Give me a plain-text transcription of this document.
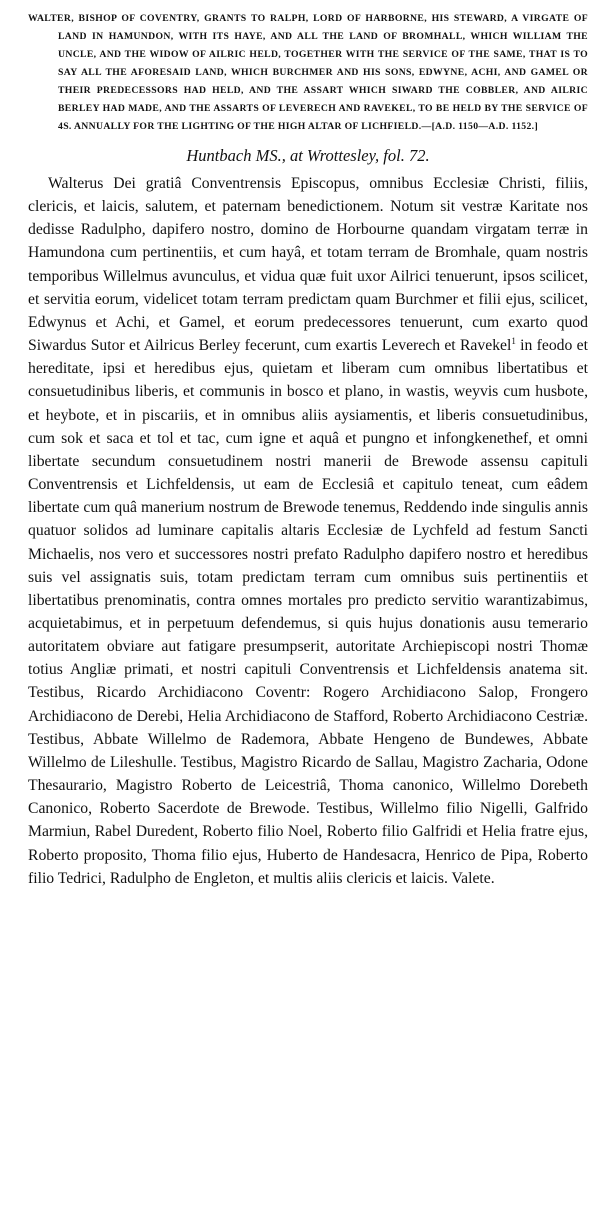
WALTER, BISHOP OF COVENTRY, GRANTS TO RALPH, LORD OF HARBORNE, HIS STEWARD, A VIRGATE OF LAND IN HAMUNDON, WITH ITS HAYE, AND ALL THE LAND OF BROMHALL, WHICH WILLIAM THE UNCLE, AND THE WIDOW OF AILRIC HELD, TOGETHER WITH THE SERVICE OF THE SAME, THAT IS TO SAY ALL THE AFORESAID LAND, WHICH BURCHMER AND HIS SONS, EDWYNE, ACHI, AND GAMEL OR THEIR PREDECESSORS HAD HELD, AND THE ASSART WHICH SIWARD THE COBBLER, AND AILRIC BERLEY HAD MADE, AND THE ASSARTS OF LEVERECH AND RAVEKEL, TO BE HELD BY THE SERVICE OF 4S. ANNUALLY FOR THE LIGHTING OF THE HIGH ALTAR OF LICHFIELD.—[A.D. 1150—A.D. 1152.]

Huntbach MS., at Wrottesley, fol. 72.

Walterus Dei gratiâ Conventrensis Episcopus, omnibus Ecclesiæ Christi, filiis, clericis, et laicis, salutem, et paternam benedictionem. Notum sit vestræ Karitate nos dedisse Radulpho, dapifero nostro, domino de Horbourne quandam virgatam terræ in Hamundona cum pertinentiis, et cum hayâ, et totam terram de Bromhale, quam nostris temporibus Willelmus avunculus, et vidua quæ fuit uxor Ailrici tenuerunt, ipsos scilicet, et servitia eorum, videlicet totam terram predictam quam Burchmer et filii ejus, scilicet, Edwynus et Achi, et Gamel, et eorum predecessores tenuerunt, cum exarto quod Siwardus Sutor et Ailricus Berley fecerunt, cum exartis Leverech et Ravekel$^1$ in feodo et hereditate, ipsi et heredibus ejus, quietam et liberam cum omnibus libertatibus et consuetudinibus liberis, et communis in bosco et plano, in wastis, weyvis cum husbote, et heybote, et in piscariis, et in omnibus aliis aysiamentis, et liberis consuetudinibus, cum sok et saca et tol et tac, cum igne et aquâ et pungno et infongkenethef, et omni libertate secundum consuetudinem nostri manerii de Brewode assensu capituli Conventrensis et Lichfeldensis, ut eam de Ecclesiâ et capitulo teneat, cum eâdem libertate cum quâ manerium nostrum de Brewode tenemus, Reddendo inde singulis annis quatuor solidos ad luminare capitalis altaris Ecclesiæ de Lychfeld ad festum Sancti Michaelis, nos vero et successores nostri prefato Radulpho dapifero nostro et heredibus suis vel assignatis suis, totam predictam terram cum omnibus suis pertinentiis et libertatibus prenominatis, contra omnes mortales pro predicto servitio warantizabimus, acquietabimus, et in perpetuum defendemus, si quis hujus donationis ausu temerario autoritatem obviare aut fatigare presumpserit, autoritate Archiepiscopi nostri Thomæ totius Angliæ primati, et nostri capituli Conventrensis et Lichfeldensis anatema sit. Testibus, Ricardo Archidiacono Coventr: Rogero Archidiacono Salop, Frongero Archidiacono de Derebi, Helia Archidiacono de Stafford, Roberto Archidiacono Cestriæ. Testibus, Abbate Willelmo de Rademora, Abbate Hengeno de Bundewes, Abbate Willelmo de Lileshulle. Testibus, Magistro Ricardo de Sallau, Magistro Zacharia, Odone Thesaurario, Magistro Roberto de Leicestriâ, Thoma canonico, Willelmo Dorebeth Canonico, Roberto Sacerdote de Brewode. Testibus, Willelmo filio Nigelli, Galfrido Marmiun, Rabel Duredent, Roberto filio Noel, Roberto filio Galfridi et Helia fratre ejus, Roberto proposito, Thoma filio ejus, Huberto de Handesacra, Henrico de Pipa, Roberto filio Tedrici, Radulpho de Engleton, et multis aliis clericis et laicis. Valete.
